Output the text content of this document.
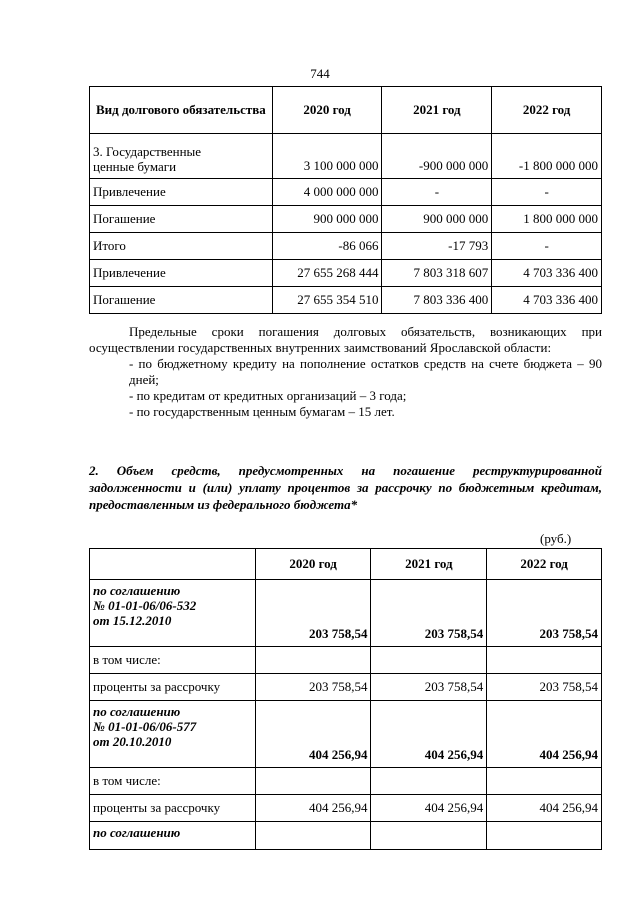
744
Вид долгового обязательства	2020 год	2021 год	2022 год
3. Государственные
ценные бумаги	3 100 000 000	-900 000 000	-1 800 000 000
Привлечение	4 000 000 000	-	-
Погашение	900 000 000	900 000 000	1 800 000 000
Итого	-86 066	-17 793	-
Привлечение	27 655 268 444	7 803 318 607	4 703 336 400
Погашение	27 655 354 510	7 803 336 400	4 703 336 400

Предельные сроки погашения долговых обязательств, возникающих при осуществлении государственных внутренних заимствований Ярославской области:

- по бюджетному кредиту на пополнение остатков средств на счете бюджета – 90 дней;

- по кредитам от кредитных организаций – 3 года;

- по государственным ценным бумагам – 15 лет.

2. Объем средств, предусмотренных на погашение реструктурированной задолженности и (или) уплату процентов за рассрочку по бюджетным кредитам, предоставленным из федерального бюджета*
(руб.)
	2020 год	2021 год	2022 год

по соглашению
№ 01-01-06/06-532
от 15.12.2010	203 758,54	203 758,54	203 758,54
в том числе:			
проценты за рассрочку	203 758,54	203 758,54	203 758,54

по соглашению
№ 01-01-06/06-577
от 20.10.2010	404 256,94	404 256,94	404 256,94
в том числе:			
проценты за рассрочку	404 256,94	404 256,94	404 256,94
по соглашению			
